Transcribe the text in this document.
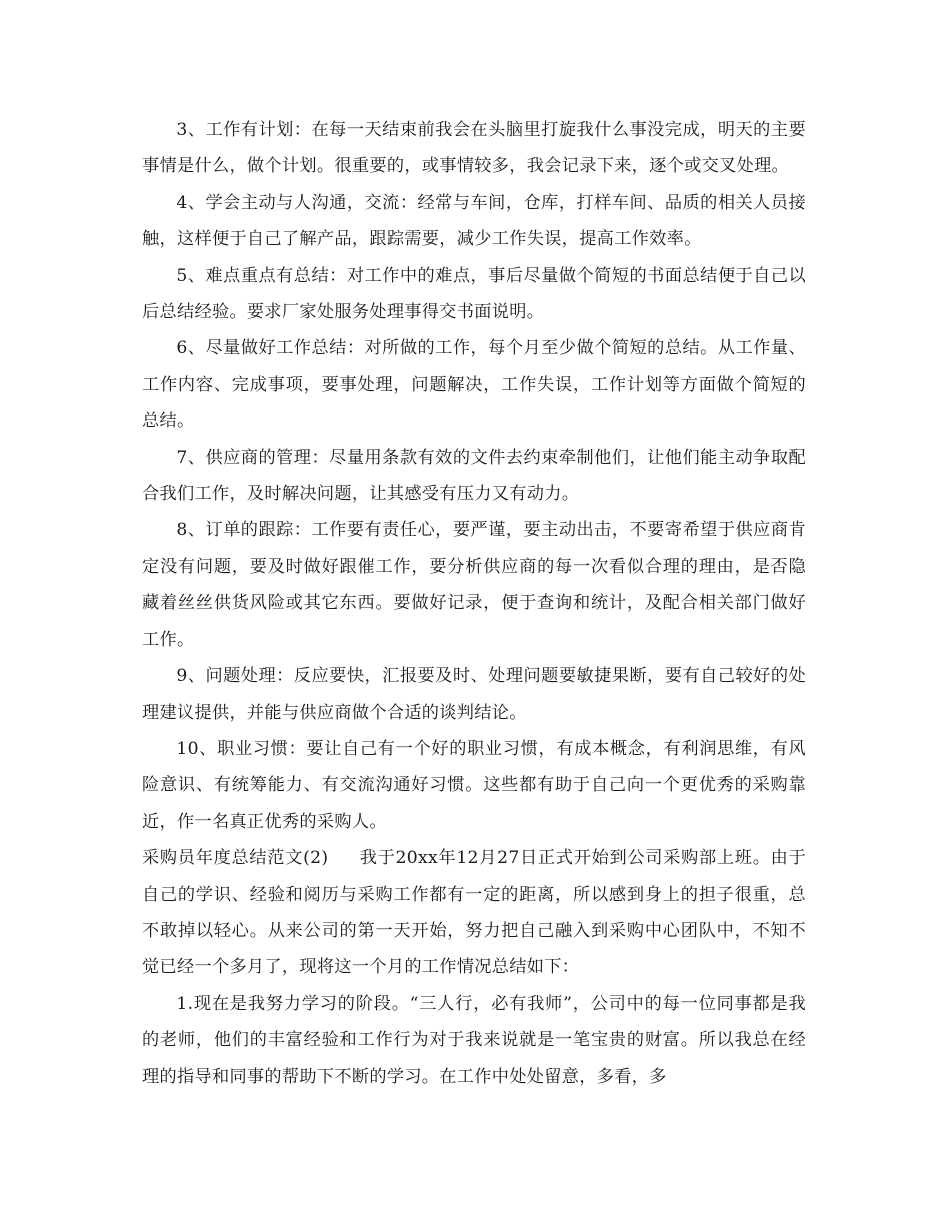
3、工作有计划：在每一天结束前我会在头脑里打旋我什么事没完成，明天的主要事情是什么，做个计划。很重要的，或事情较多，我会记录下来，逐个或交叉处理。

4、学会主动与人沟通，交流：经常与车间，仓库，打样车间、品质的相关人员接触，这样便于自己了解产品，跟踪需要，减少工作失误，提高工作效率。

5、难点重点有总结：对工作中的难点，事后尽量做个简短的书面总结便于自己以后总结经验。要求厂家处服务处理事得交书面说明。

6、尽量做好工作总结：对所做的工作，每个月至少做个简短的总结。从工作量、工作内容、完成事项，要事处理，问题解决，工作失误，工作计划等方面做个简短的总结。

7、供应商的管理：尽量用条款有效的文件去约束牵制他们，让他们能主动争取配合我们工作，及时解决问题，让其感受有压力又有动力。

8、订单的跟踪：工作要有责任心，要严谨，要主动出击，不要寄希望于供应商肯定没有问题，要及时做好跟催工作，要分析供应商的每一次看似合理的理由，是否隐藏着丝丝供货风险或其它东西。要做好记录，便于查询和统计，及配合相关部门做好工作。

9、问题处理：反应要快，汇报要及时、处理问题要敏捷果断，要有自己较好的处理建议提供，并能与供应商做个合适的谈判结论。

10、职业习惯：要让自己有一个好的职业习惯，有成本概念，有利润思维，有风险意识、有统筹能力、有交流沟通好习惯。这些都有助于自己向一个更优秀的采购靠近，作一名真正优秀的采购人。

采购员年度总结范文(2) 我于20xx年12月27日正式开始到公司采购部上班。由于自己的学识、经验和阅历与采购工作都有一定的距离，所以感到身上的担子很重，总不敢掉以轻心。从来公司的第一天开始，努力把自己融入到采购中心团队中，不知不觉已经一个多月了，现将这一个月的工作情况总结如下：

1.现在是我努力学习的阶段。“三人行，必有我师”，公司中的每一位同事都是我的老师，他们的丰富经验和工作行为对于我来说就是一笔宝贵的财富。所以我总在经理的指导和同事的帮助下不断的学习。在工作中处处留意，多看，多
